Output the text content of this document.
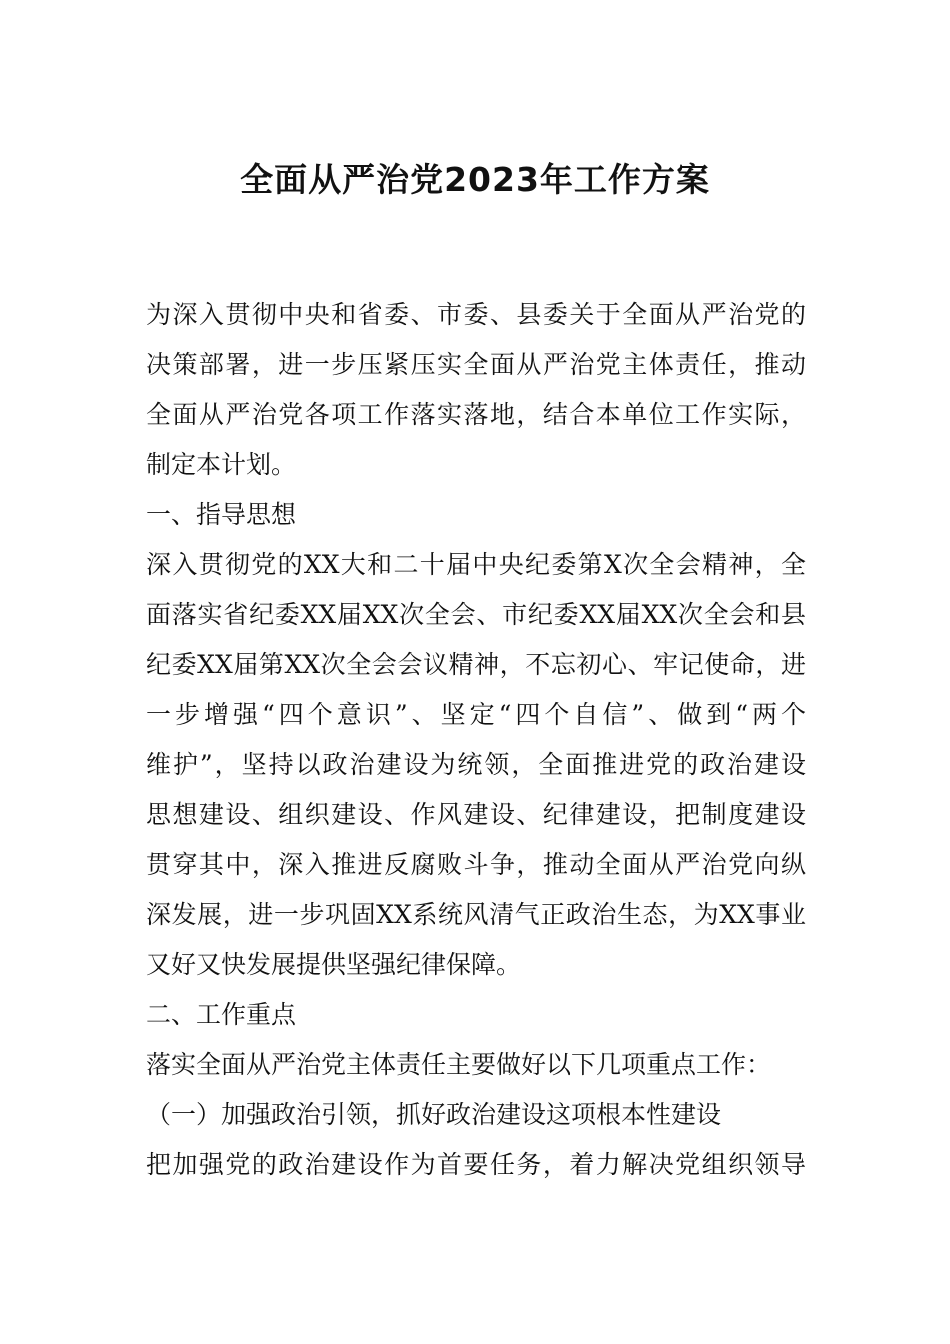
全面从严治党2023年工作方案
为深入贯彻中央和省委、市委、县委关于全面从严治党的
决策部署，进一步压紧压实全面从严治党主体责任，推动
全面从严治党各项工作落实落地，结合本单位工作实际，
制定本计划。
一、指导思想
深入贯彻党的XX大和二十届中央纪委第X次全会精神，全
面落实省纪委XX届XX次全会、市纪委XX届XX次全会和县
纪委XX届第XX次全会会议精神，不忘初心、牢记使命，进
一步增强“四个意识”、坚定“四个自信”、做到“两个
维护”，坚持以政治建设为统领，全面推进党的政治建设
思想建设、组织建设、作风建设、纪律建设，把制度建设
贯穿其中，深入推进反腐败斗争，推动全面从严治党向纵
深发展，进一步巩固XX系统风清气正政治生态，为XX事业
又好又快发展提供坚强纪律保障。
二、工作重点
落实全面从严治党主体责任主要做好以下几项重点工作：
（一）加强政治引领，抓好政治建设这项根本性建设
把加强党的政治建设作为首要任务，着力解决党组织领导
